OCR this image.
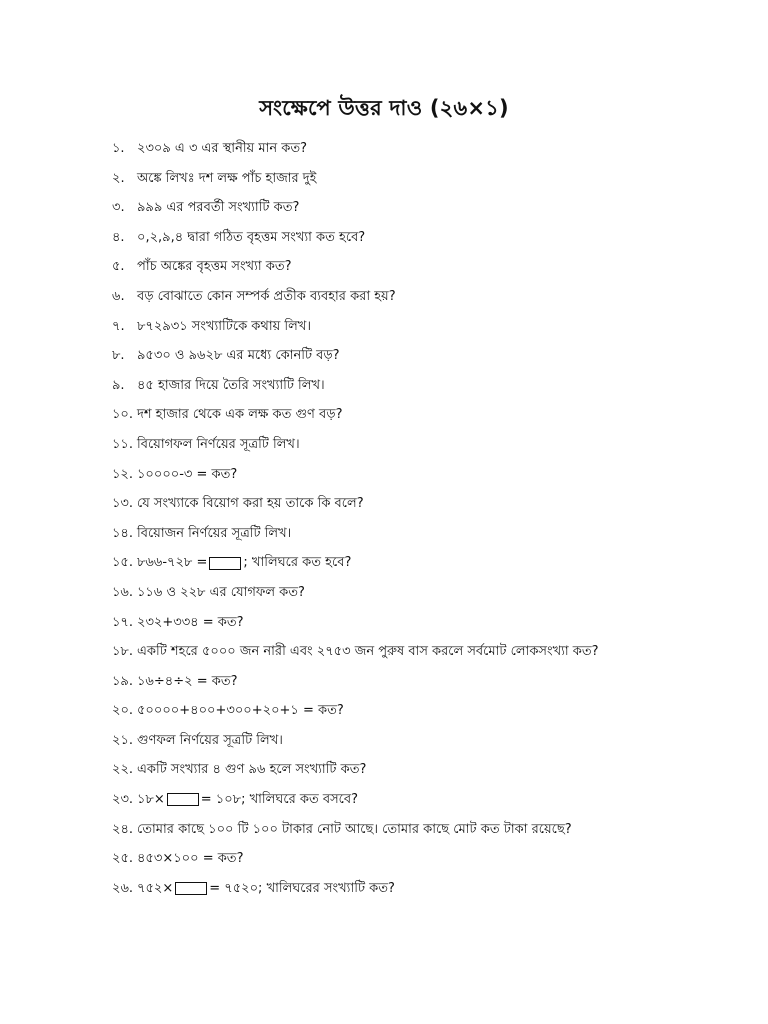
সংক্ষেপে উত্তর দাও (২৬×১)
১. ২৩০৯ এ ৩ এর স্থানীয় মান কত?
২. অঙ্কে লিখঃ দশ লক্ষ পাঁচ হাজার দুই
৩. ৯৯৯ এর পরবর্তী সংখ্যাটি কত?
৪. ০,২,৯,৪ দ্বারা গঠিত বৃহত্তম সংখ্যা কত হবে?
৫. পাঁচ অঙ্কের বৃহত্তম সংখ্যা কত?
৬. বড় বোঝাতে কোন সম্পর্ক প্রতীক ব্যবহার করা হয়?
৭. ৮৭২৯৩১ সংখ্যাটিকে কথায় লিখ।
৮. ৯৫৩০ ও ৯৬২৮ এর মধ্যে কোনটি বড়?
৯. ৪৫ হাজার দিয়ে তৈরি সংখ্যাটি লিখ।
১০. দশ হাজার থেকে এক লক্ষ কত গুণ বড়?
১১. বিয়োগফল নির্ণয়ের সূত্রটি লিখ।
১২. ১০০০০-৩ = কত?
১৩. যে সংখ্যাকে বিয়োগ করা হয় তাকে কি বলে?
১৪. বিয়োজন নির্ণয়ের সূত্রটি লিখ।
১৫. ৮৬৬-৭২৮ =	; খালিঘরে কত হবে?
১৬. ১১৬ ও ২২৮ এর যোগফল কত?
১৭. ২৩২+৩৩৪ = কত?
১৮. একটি শহরে ৫০০০ জন নারী এবং ২৭৫৩ জন পুরুষ বাস করলে সর্বমোট লোকসংখ্যা কত?
১৯. ১৬÷৪÷২ = কত?
২০. ৫০০০০+৪০০+৩০০+২০+১ = কত?
২১. গুণফল নির্ণয়ের সূত্রটি লিখ।
২২. একটি সংখ্যার ৪ গুণ ৯৬ হলে সংখ্যাটি কত?
২৩. ১৮×	= ১০৮; খালিঘরে কত বসবে?
২৪. তোমার কাছে ১০০ টি ১০০ টাকার নোট আছে। তোমার কাছে মোট কত টাকা রয়েছে?
২৫. ৪৫৩×১০০ = কত?
২৬. ৭৫২×	= ৭৫২০; খালিঘরের সংখ্যাটি কত?
